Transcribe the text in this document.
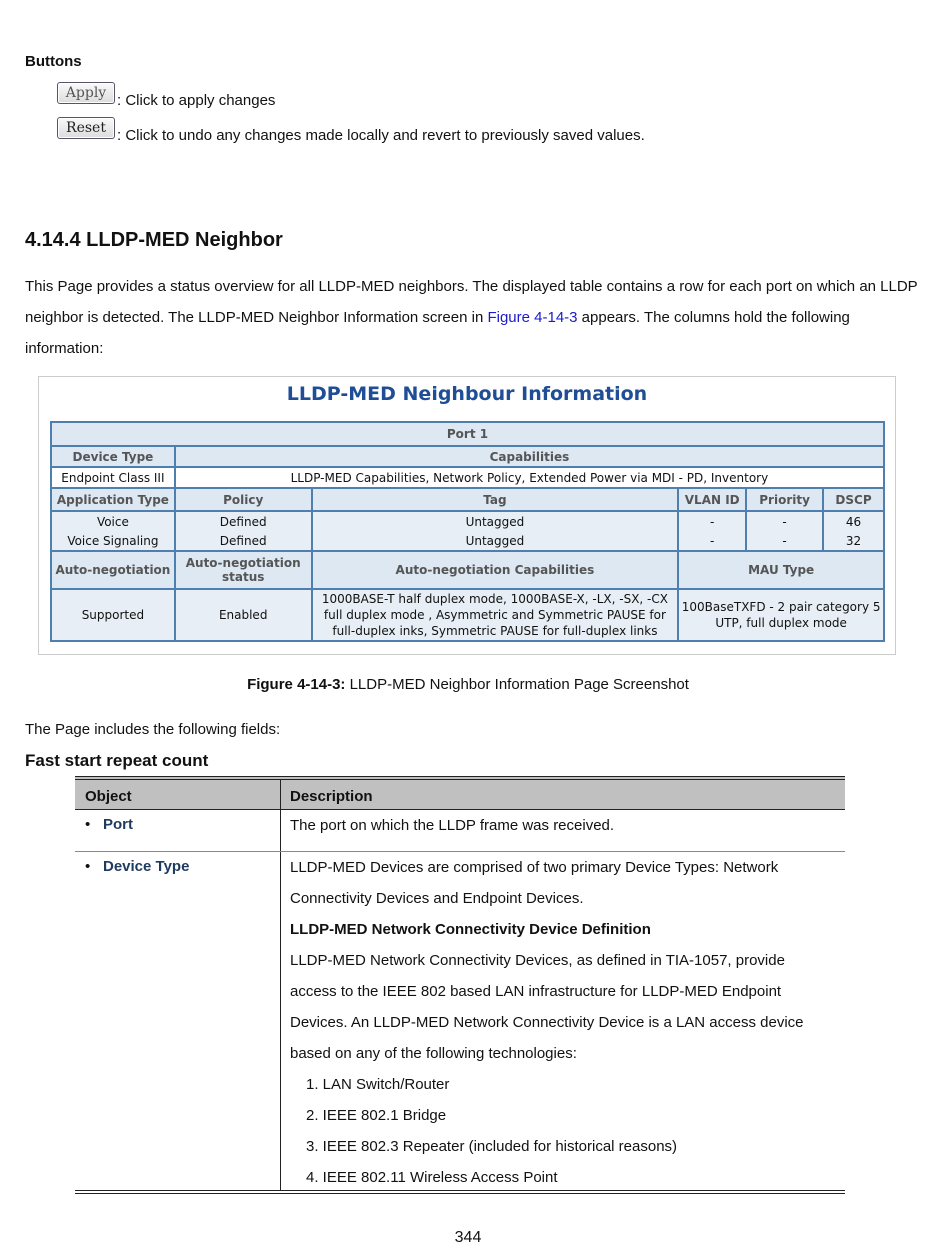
Buttons
Apply : Click to apply changes
Reset : Click to undo any changes made locally and revert to previously saved values.
4.14.4 LLDP-MED Neighbor
This Page provides a status overview for all LLDP-MED neighbors. The displayed table contains a row for each port on which an LLDP neighbor is detected. The LLDP-MED Neighbor Information screen in Figure 4-14-3 appears. The columns hold the following information:
LLDP-MED Neighbour Information
Port 1					
Device Type	Capabilities				
Endpoint Class III	LLDP-MED Capabilities, Network Policy, Extended Power via MDI - PD, Inventory				
Application Type	Policy	Tag	VLAN ID	Priority	DSCP
Voice	Defined	Untagged	-	-	46
Voice Signaling	Defined	Untagged	-	-	32
Auto-negotiation	Auto-negotiation status	Auto-negotiation Capabilities	MAU Type		
Supported	Enabled	1000BASE-T half duplex mode, 1000BASE-X, -LX, -SX, -CX full duplex mode , Asymmetric and Symmetric PAUSE for full-duplex inks, Symmetric PAUSE for full-duplex links	100BaseTXFD - 2 pair category 5 UTP, full duplex mode		
Figure 4-14-3: LLDP-MED Neighbor Information Page Screenshot
The Page includes the following fields:
Fast start repeat count
Object	Description
• Port	The port on which the LLDP frame was received.
• Device Type	LLDP-MED Devices are comprised of two primary Device Types: Network
Connectivity Devices and Endpoint Devices.
LLDP-MED Network Connectivity Device Definition
LLDP-MED Network Connectivity Devices, as defined in TIA-1057, provide
access to the IEEE 802 based LAN infrastructure for LLDP-MED Endpoint
Devices. An LLDP-MED Network Connectivity Device is a LAN access device
based on any of the following technologies:
1. LAN Switch/Router
2. IEEE 802.1 Bridge
3. IEEE 802.3 Repeater (included for historical reasons)
4. IEEE 802.11 Wireless Access Point
344
